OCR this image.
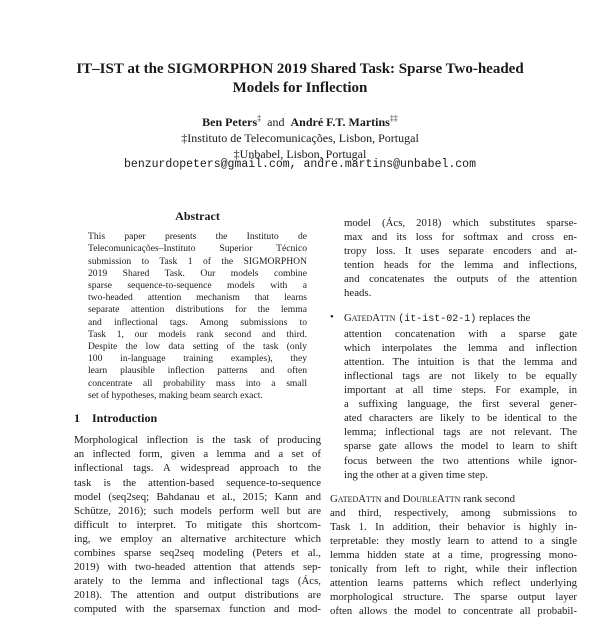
IT–IST at the SIGMORPHON 2019 Shared Task: Sparse Two-headed
Models for Inflection
Ben Peters‡ and André F.T. Martins‡‡
‡Instituto de Telecomunicações, Lisbon, Portugal
‡Unbabel, Lisbon, Portugal
benzurdopeters@gmail.com, andre.martins@unbabel.com
Abstract
This paper presents the Instituto de
Telecomunicações–Instituto Superior Técnico
submission to Task 1 of the SIGMORPHON
2019 Shared Task. Our models combine
sparse sequence-to-sequence models with a
two-headed attention mechanism that learns
separate attention distributions for the lemma
and inflectional tags. Among submissions to
Task 1, our models rank second and third.
Despite the low data setting of the task (only
100 in-language training examples), they
learn plausible inflection patterns and often
concentrate all probability mass into a small
set of hypotheses, making beam search exact.
1 Introduction
Morphological inflection is the task of producing
an inflected form, given a lemma and a set of
inflectional tags. A widespread approach to the
task is the attention-based sequence-to-sequence
model (seq2seq; Bahdanau et al., 2015; Kann and
Schütze, 2016); such models perform well but are
difficult to interpret. To mitigate this shortcom-
ing, we employ an alternative architecture which
combines sparse seq2seq modeling (Peters et al.,
2019) with two-headed attention that attends sep-
arately to the lemma and inflectional tags (Ács,
2018). The attention and output distributions are
computed with the sparsemax function and mod-
model (Ács, 2018) which substitutes sparse-
max and its loss for softmax and cross en-
tropy loss. It uses separate encoders and at-
tention heads for the lemma and inflections,
and concatenates the outputs of the attention
heads.
• GatedAttn (it-ist-02-1) replaces the
attention concatenation with a sparse gate
which interpolates the lemma and inflection
attention. The intuition is that the lemma and
inflectional tags are not likely to be equally
important at all time steps. For example, in
a suffixing language, the first several gener-
ated characters are likely to be identical to the
lemma; inflectional tags are not relevant. The
sparse gate allows the model to learn to shift
focus between the two attentions while ignor-
ing the other at a given time step.
GatedAttn and DoubleAttn rank second
and third, respectively, among submissions to
Task 1. In addition, their behavior is highly in-
terpretable: they mostly learn to attend to a single
lemma hidden state at a time, progressing mono-
tonically from left to right, while their inflection
attention learns patterns which reflect underlying
morphological structure. The sparse output layer
often allows the model to concentrate all probabil-
